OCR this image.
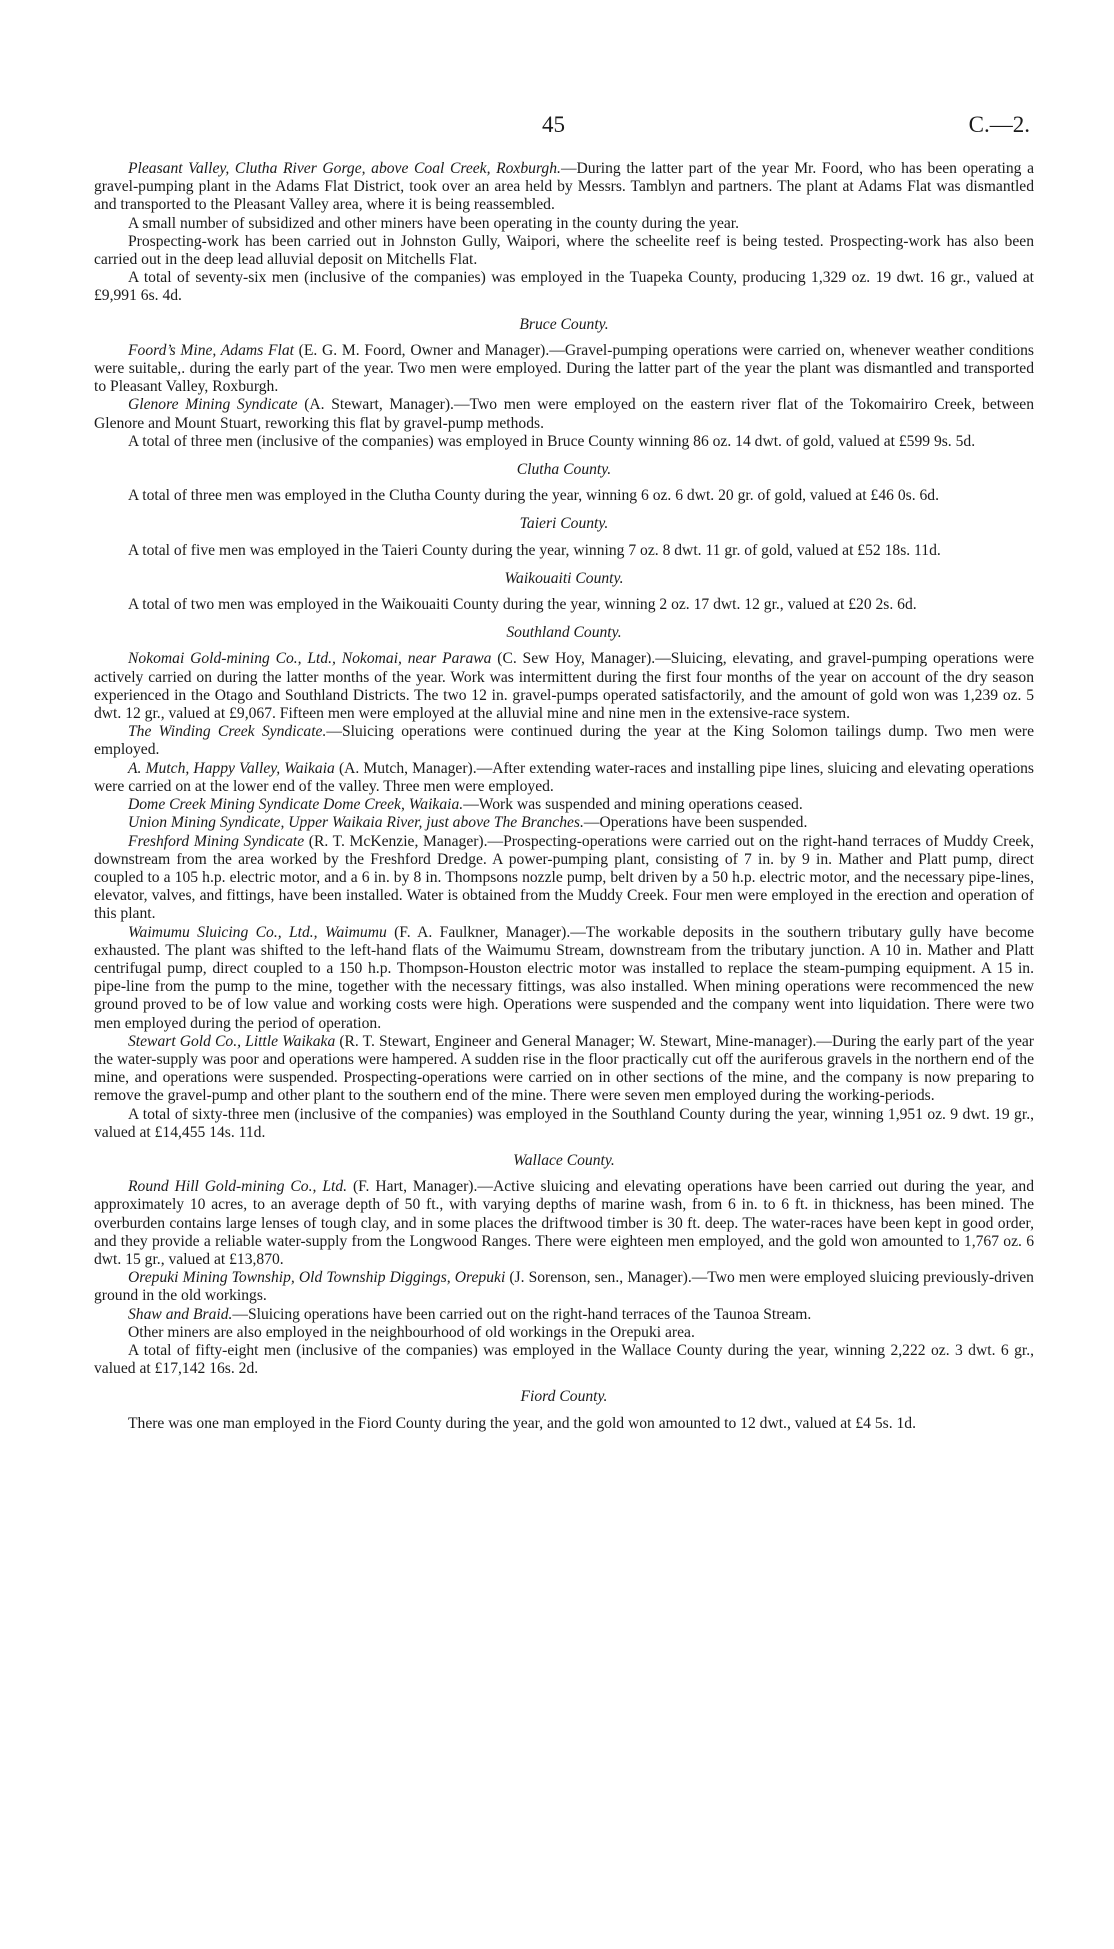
45	C.—2.

Pleasant Valley, Clutha River Gorge, above Coal Creek, Roxburgh.—During the latter part of the year Mr. Foord, who has been operating a gravel-pumping plant in the Adams Flat District, took over an area held by Messrs. Tamblyn and partners. The plant at Adams Flat was dismantled and transported to the Pleasant Valley area, where it is being reassembled.

A small number of subsidized and other miners have been operating in the county during the year.

Prospecting-work has been carried out in Johnston Gully, Waipori, where the scheelite reef is being tested. Prospecting-work has also been carried out in the deep lead alluvial deposit on Mitchells Flat.

A total of seventy-six men (inclusive of the companies) was employed in the Tuapeka County, producing 1,329 oz. 19 dwt. 16 gr., valued at £9,991 6s. 4d.

Bruce County.

Foord’s Mine, Adams Flat (E. G. M. Foord, Owner and Manager).—Gravel-pumping operations were carried on, whenever weather conditions were suitable,. during the early part of the year. Two men were employed. During the latter part of the year the plant was dismantled and transported to Pleasant Valley, Roxburgh.

Glenore Mining Syndicate (A. Stewart, Manager).—Two men were employed on the eastern river flat of the Tokomairiro Creek, between Glenore and Mount Stuart, reworking this flat by gravel-pump methods.

A total of three men (inclusive of the companies) was employed in Bruce County winning 86 oz. 14 dwt. of gold, valued at £599 9s. 5d.

Clutha County.

A total of three men was employed in the Clutha County during the year, winning 6 oz. 6 dwt. 20 gr. of gold, valued at £46 0s. 6d.

Taieri County.

A total of five men was employed in the Taieri County during the year, winning 7 oz. 8 dwt. 11 gr. of gold, valued at £52 18s. 11d.

Waikouaiti County.

A total of two men was employed in the Waikouaiti County during the year, winning 2 oz. 17 dwt. 12 gr., valued at £20 2s. 6d.

Southland County.

Nokomai Gold-mining Co., Ltd., Nokomai, near Parawa (C. Sew Hoy, Manager).—Sluicing, elevating, and gravel-pumping operations were actively carried on during the latter months of the year. Work was intermittent during the first four months of the year on account of the dry season experienced in the Otago and Southland Districts. The two 12 in. gravel-pumps operated satisfactorily, and the amount of gold won was 1,239 oz. 5 dwt. 12 gr., valued at £9,067. Fifteen men were employed at the alluvial mine and nine men in the extensive-race system.

The Winding Creek Syndicate.—Sluicing operations were continued during the year at the King Solomon tailings dump. Two men were employed.

A. Mutch, Happy Valley, Waikaia (A. Mutch, Manager).—After extending water-races and installing pipe lines, sluicing and elevating operations were carried on at the lower end of the valley. Three men were employed.

Dome Creek Mining Syndicate Dome Creek, Waikaia.—Work was suspended and mining operations ceased.

Union Mining Syndicate, Upper Waikaia River, just above The Branches.—Operations have been suspended.

Freshford Mining Syndicate (R. T. McKenzie, Manager).—Prospecting-operations were carried out on the right-hand terraces of Muddy Creek, downstream from the area worked by the Freshford Dredge. A power-pumping plant, consisting of 7 in. by 9 in. Mather and Platt pump, direct coupled to a 105 h.p. electric motor, and a 6 in. by 8 in. Thompsons nozzle pump, belt driven by a 50 h.p. electric motor, and the necessary pipe-lines, elevator, valves, and fittings, have been installed. Water is obtained from the Muddy Creek. Four men were employed in the erection and operation of this plant.

Waimumu Sluicing Co., Ltd., Waimumu (F. A. Faulkner, Manager).—The workable deposits in the southern tributary gully have become exhausted. The plant was shifted to the left-hand flats of the Waimumu Stream, downstream from the tributary junction. A 10 in. Mather and Platt centrifugal pump, direct coupled to a 150 h.p. Thompson-Houston electric motor was installed to replace the steam-pumping equipment. A 15 in. pipe-line from the pump to the mine, together with the necessary fittings, was also installed. When mining operations were recommenced the new ground proved to be of low value and working costs were high. Operations were suspended and the company went into liquidation. There were two men employed during the period of operation.

Stewart Gold Co., Little Waikaka (R. T. Stewart, Engineer and General Manager; W. Stewart, Mine-manager).—During the early part of the year the water-supply was poor and operations were hampered. A sudden rise in the floor practically cut off the auriferous gravels in the northern end of the mine, and operations were suspended. Prospecting-operations were carried on in other sections of the mine, and the company is now preparing to remove the gravel-pump and other plant to the southern end of the mine. There were seven men employed during the working-periods.

A total of sixty-three men (inclusive of the companies) was employed in the Southland County during the year, winning 1,951 oz. 9 dwt. 19 gr., valued at £14,455 14s. 11d.

Wallace County.

Round Hill Gold-mining Co., Ltd. (F. Hart, Manager).—Active sluicing and elevating operations have been carried out during the year, and approximately 10 acres, to an average depth of 50 ft., with varying depths of marine wash, from 6 in. to 6 ft. in thickness, has been mined. The overburden contains large lenses of tough clay, and in some places the driftwood timber is 30 ft. deep. The water-races have been kept in good order, and they provide a reliable water-supply from the Longwood Ranges. There were eighteen men employed, and the gold won amounted to 1,767 oz. 6 dwt. 15 gr., valued at £13,870.

Orepuki Mining Township, Old Township Diggings, Orepuki (J. Sorenson, sen., Manager).—Two men were employed sluicing previously-driven ground in the old workings.

Shaw and Braid.—Sluicing operations have been carried out on the right-hand terraces of the Taunoa Stream.

Other miners are also employed in the neighbourhood of old workings in the Orepuki area.

A total of fifty-eight men (inclusive of the companies) was employed in the Wallace County during the year, winning 2,222 oz. 3 dwt. 6 gr., valued at £17,142 16s. 2d.

Fiord County.

There was one man employed in the Fiord County during the year, and the gold won amounted to 12 dwt., valued at £4 5s. 1d.
